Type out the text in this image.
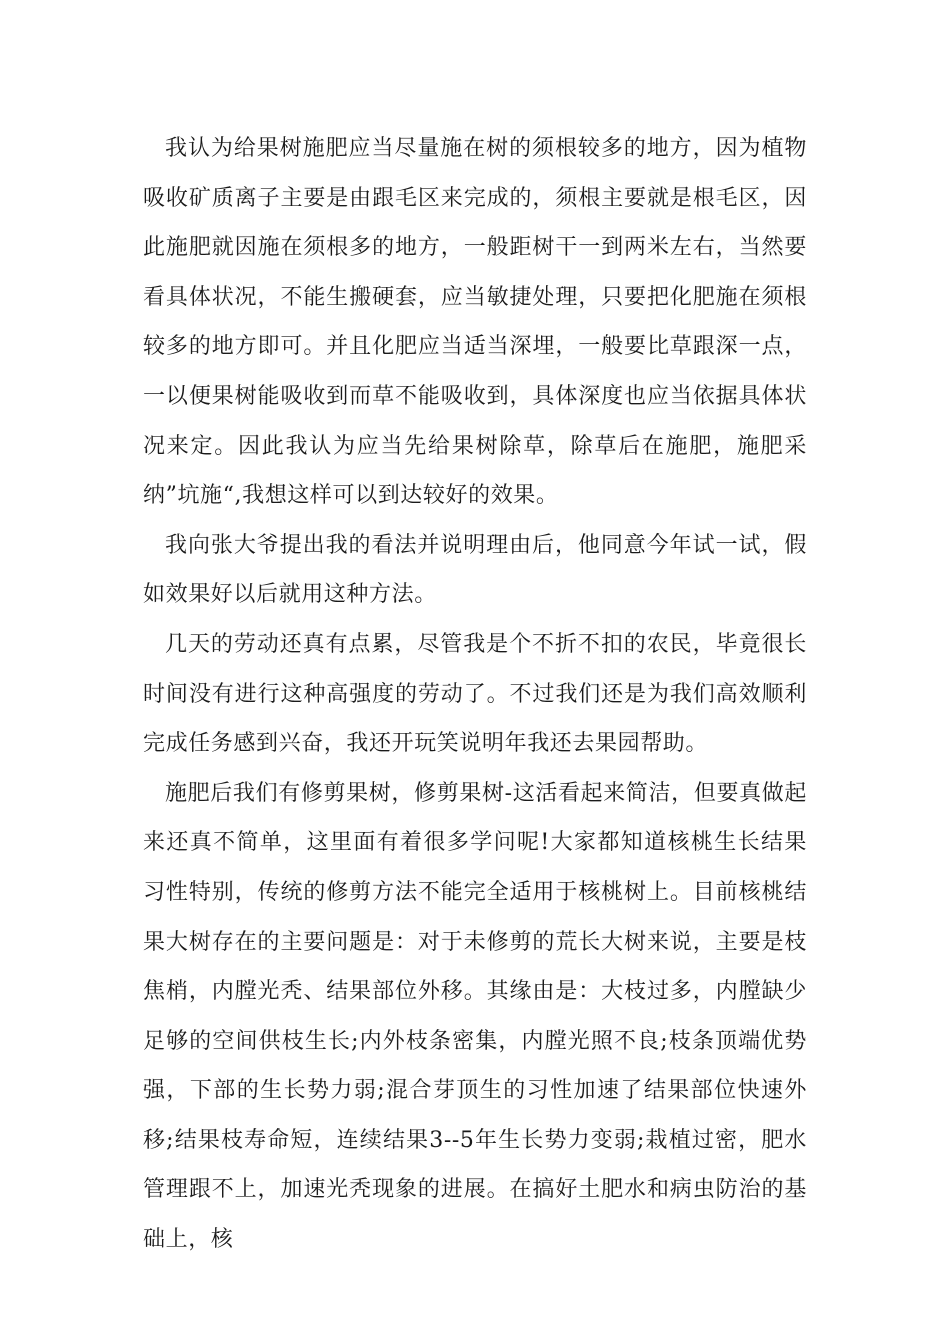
我认为给果树施肥应当尽量施在树的须根较多的地方，因为植物吸收矿质离子主要是由跟毛区来完成的，须根主要就是根毛区，因此施肥就因施在须根多的地方，一般距树干一到两米左右，当然要看具体状况，不能生搬硬套，应当敏捷处理，只要把化肥施在须根较多的地方即可。并且化肥应当适当深埋，一般要比草跟深一点，一以便果树能吸收到而草不能吸收到，具体深度也应当依据具体状况来定。因此我认为应当先给果树除草，除草后在施肥，施肥采纳”坑施“,我想这样可以到达较好的效果。

我向张大爷提出我的看法并说明理由后，他同意今年试一试，假如效果好以后就用这种方法。

几天的劳动还真有点累，尽管我是个不折不扣的农民，毕竟很长时间没有进行这种高强度的劳动了。不过我们还是为我们高效顺利完成任务感到兴奋，我还开玩笑说明年我还去果园帮助。

施肥后我们有修剪果树，修剪果树-这活看起来简洁，但要真做起来还真不简单，这里面有着很多学问呢!大家都知道核桃生长结果习性特别，传统的修剪方法不能完全适用于核桃树上。目前核桃结果大树存在的主要问题是：对于未修剪的荒长大树来说，主要是枝焦梢，内膛光秃、结果部位外移。其缘由是：大枝过多，内膛缺少足够的空间供枝生长;内外枝条密集，内膛光照不良;枝条顶端优势强，下部的生长势力弱;混合芽顶生的习性加速了结果部位快速外移;结果枝寿命短，连续结果3--5年生长势力变弱;栽植过密，肥水管理跟不上，加速光秃现象的进展。在搞好土肥水和病虫防治的基础上，核
